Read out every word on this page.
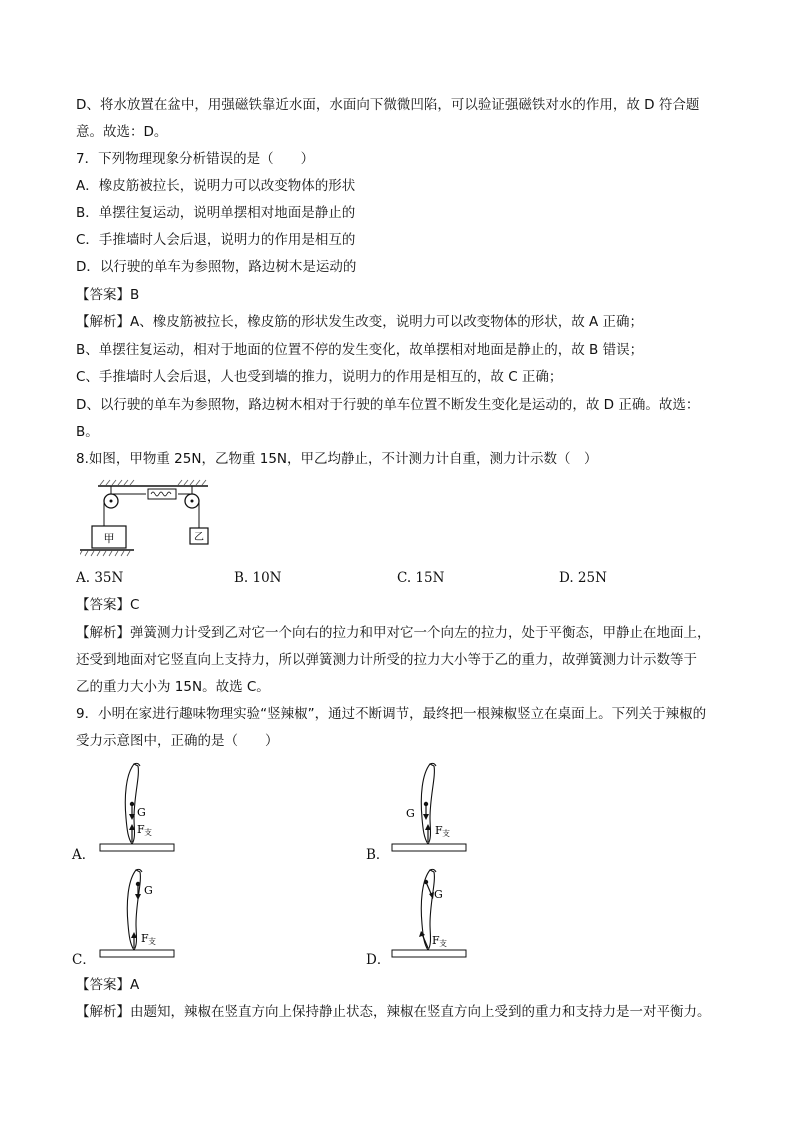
D、将水放置在盆中，用强磁铁靠近水面，水面向下微微凹陷，可以验证强磁铁对水的作用，故 D 符合题
意。故选：D。
7．下列物理现象分析错误的是（　　）
A．橡皮筋被拉长，说明力可以改变物体的形状
B．单摆往复运动，说明单摆相对地面是静止的
C．手推墙时人会后退，说明力的作用是相互的
D．以行驶的单车为参照物，路边树木是运动的
【答案】B
【解析】A、橡皮筋被拉长，橡皮筋的形状发生改变，说明力可以改变物体的形状，故 A 正确；
B、单摆往复运动，相对于地面的位置不停的发生变化，故单摆相对地面是静止的，故 B 错误；
C、手推墙时人会后退，人也受到墙的推力，说明力的作用是相互的，故 C 正确；
D、以行驶的单车为参照物，路边树木相对于行驶的单车位置不断发生变化是运动的，故 D 正确。故选：
B。
8.如图，甲物重 25N，乙物重 15N，甲乙均静止，不计测力计自重，测力计示数（　）
甲	乙
A. 35N	B. 10N	C. 15N	D. 25N
【答案】C
【解析】弹簧测力计受到乙对它一个向右的拉力和甲对它一个向左的拉力，处于平衡态，甲静止在地面上，
还受到地面对它竖直向上支持力，所以弹簧测力计所受的拉力大小等于乙的重力，故弹簧测力计示数等于
乙的重力大小为 15N。故选 C。
9．小明在家进行趣味物理实验“竖辣椒”，通过不断调节，最终把一根辣椒竖立在桌面上。下列关于辣椒的
受力示意图中，正确的是（　　）
A．
G
F 支
B．
G
F 支
C．
G
F 支
D．
G
F 支
【答案】A
【解析】由题知，辣椒在竖直方向上保持静止状态，辣椒在竖直方向上受到的重力和支持力是一对平衡力。
